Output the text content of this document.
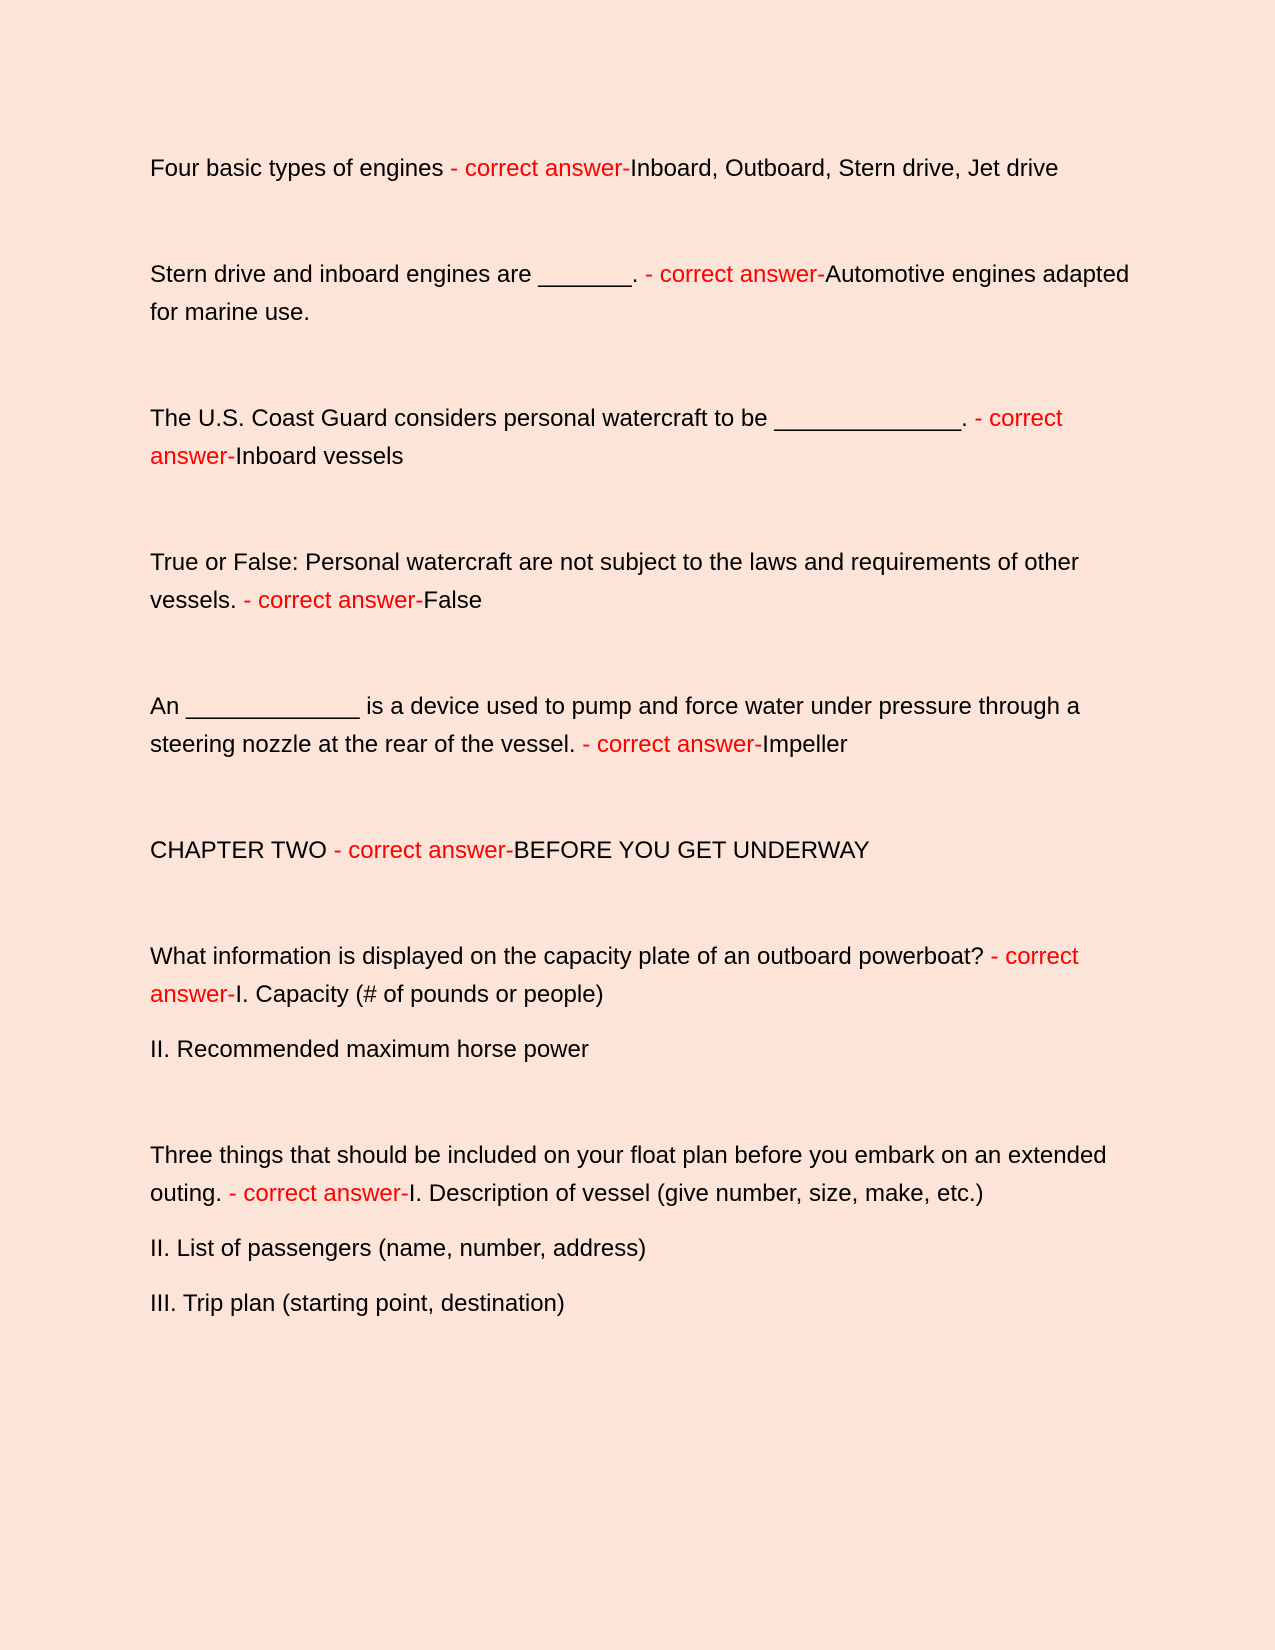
Four basic types of engines - correct answer-Inboard, Outboard, Stern drive, Jet drive

Stern drive and inboard engines are _______. - correct answer-Automotive engines adapted for marine use.

The U.S. Coast Guard considers personal watercraft to be ______________. - correct answer-Inboard vessels

True or False: Personal watercraft are not subject to the laws and requirements of other vessels. - correct answer-False

An _____________ is a device used to pump and force water under pressure through a steering nozzle at the rear of the vessel. - correct answer-Impeller

CHAPTER TWO - correct answer-BEFORE YOU GET UNDERWAY

What information is displayed on the capacity plate of an outboard powerboat? - correct answer-I. Capacity (# of pounds or people)

II. Recommended maximum horse power

Three things that should be included on your float plan before you embark on an extended outing. - correct answer-I. Description of vessel (give number, size, make, etc.)

II. List of passengers (name, number, address)

III. Trip plan (starting point, destination)
